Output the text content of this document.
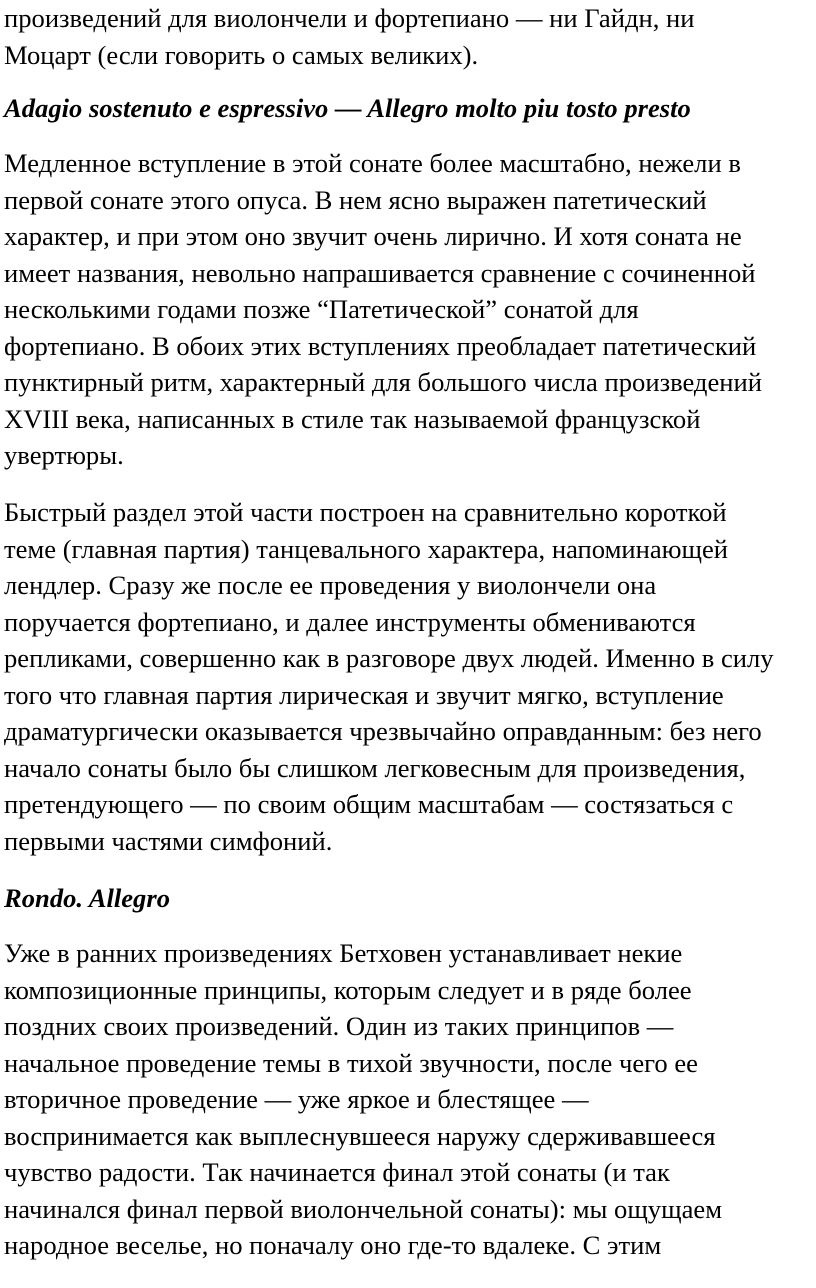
произведений для виолончели и фортепиано — ни Гайдн, ни
Моцарт (если говорить о самых великих).
Adagio sostenuto e espressivo — Allegro molto piu tosto presto
Медленное вступление в этой сонате более масштабно, нежели в
первой сонате этого опуса. В нем ясно выражен патетический
характер, и при этом оно звучит очень лирично. И хотя соната не
имеет названия, невольно напрашивается сравнение с сочиненной
несколькими годами позже “Патетической” сонатой для
фортепиано. В обоих этих вступлениях преобладает патетический
пунктирный ритм, характерный для большого числа произведений
XVIII века, написанных в стиле так называемой французской
увертюры.
Быстрый раздел этой части построен на сравнительно короткой
теме (главная партия) танцевального характера, напоминающей
лендлер. Сразу же после ее проведения у виолончели она
поручается фортепиано, и далее инструменты обмениваются
репликами, совершенно как в разговоре двух людей. Именно в силу
того что главная партия лирическая и звучит мягко, вступление
драматургически оказывается чрезвычайно оправданным: без него
начало сонаты было бы слишком легковесным для произведения,
претендующего — по своим общим масштабам — состязаться с
первыми частями симфоний.
Rondo. Allegro
Уже в ранних произведениях Бетховен устанавливает некие
композиционные принципы, которым следует и в ряде более
поздних своих произведений. Один из таких принципов —
начальное проведение темы в тихой звучности, после чего ее
вторичное проведение — уже яркое и блестящее —
воспринимается как выплеснувшееся наружу сдерживавшееся
чувство радости. Так начинается финал этой сонаты (и так
начинался финал первой виолончельной сонаты): мы ощущаем
народное веселье, но поначалу оно где-то вдалеке. С этим
